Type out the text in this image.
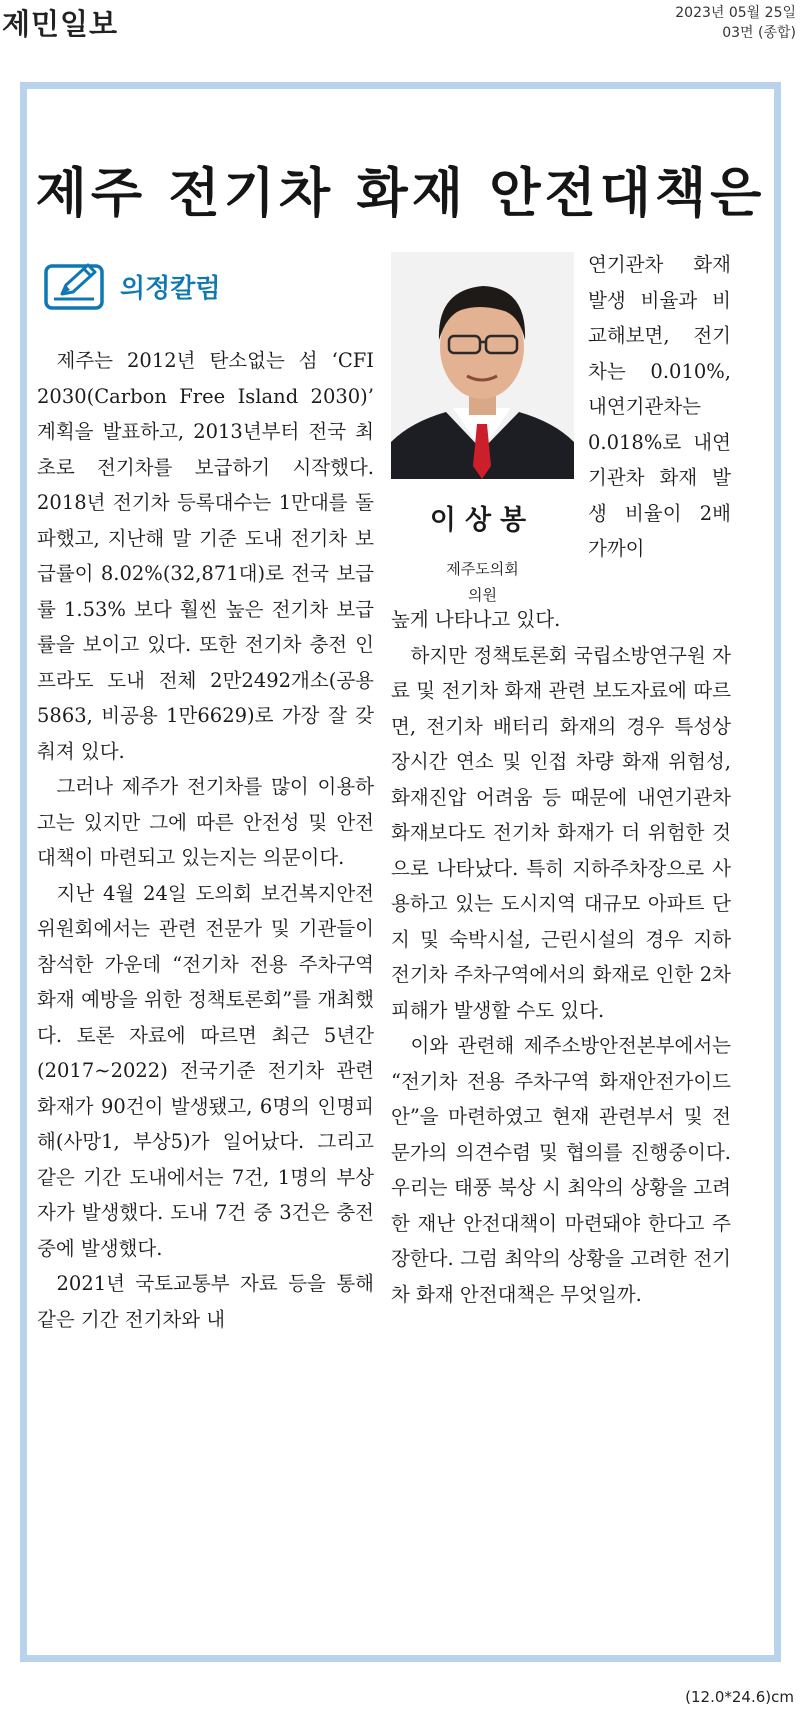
제민일보	2023년 05월 25일
03면 (종합)
제주 전기차 화재 안전대책은
의정칼럼
이상봉
제주도의회
의원

제주는 2012년 탄소없는 섬 ‘CFI 2030(Carbon Free Island 2030)’ 계획을 발표하고, 2013년부터 전국 최초로 전기차를 보급하기 시작했다. 2018년 전기차 등록대수는 1만대를 돌파했고, 지난해 말 기준 도내 전기차 보급률이 8.02%(32,871대)로 전국 보급률 1.53% 보다 훨씬 높은 전기차 보급률을 보이고 있다. 또한 전기차 충전 인프라도 도내 전체 2만2492개소(공용 5863, 비공용 1만6629)로 가장 잘 갖춰져 있다.

그러나 제주가 전기차를 많이 이용하고는 있지만 그에 따른 안전성 및 안전대책이 마련되고 있는지는 의문이다.

지난 4월 24일 도의회 보건복지안전위원회에서는 관련 전문가 및 기관들이 참석한 가운데 “전기차 전용 주차구역 화재 예방을 위한 정책토론회”를 개최했다. 토론 자료에 따르면 최근 5년간(2017∼2022) 전국기준 전기차 관련 화재가 90건이 발생됐고, 6명의 인명피해(사망1, 부상5)가 일어났다. 그리고 같은 기간 도내에서는 7건, 1명의 부상자가 발생했다. 도내 7건 중 3건은 충전중에 발생했다.

2021년 국토교통부 자료 등을 통해 같은 기간 전기차와 내

연기관차 화재 발생 비율과 비교해보면, 전기차는 0.010%, 내연기관차는 0.018%로 내연기관차 화재 발생 비율이 2배 가까이

높게 나타나고 있다.

하지만 정책토론회 국립소방연구원 자료 및 전기차 화재 관련 보도자료에 따르면, 전기차 배터리 화재의 경우 특성상 장시간 연소 및 인접 차량 화재 위험성, 화재진압 어려움 등 때문에 내연기관차 화재보다도 전기차 화재가 더 위험한 것으로 나타났다. 특히 지하주차장으로 사용하고 있는 도시지역 대규모 아파트 단지 및 숙박시설, 근린시설의 경우 지하 전기차 주차구역에서의 화재로 인한 2차 피해가 발생할 수도 있다.

이와 관련해 제주소방안전본부에서는 “전기차 전용 주차구역 화재안전가이드안”을 마련하였고 현재 관련부서 및 전문가의 의견수렴 및 협의를 진행중이다. 우리는 태풍 북상 시 최악의 상황을 고려한 재난 안전대책이 마련돼야 한다고 주장한다. 그럼 최악의 상황을 고려한 전기차 화재 안전대책은 무엇일까.

(12.0*24.6)cm
